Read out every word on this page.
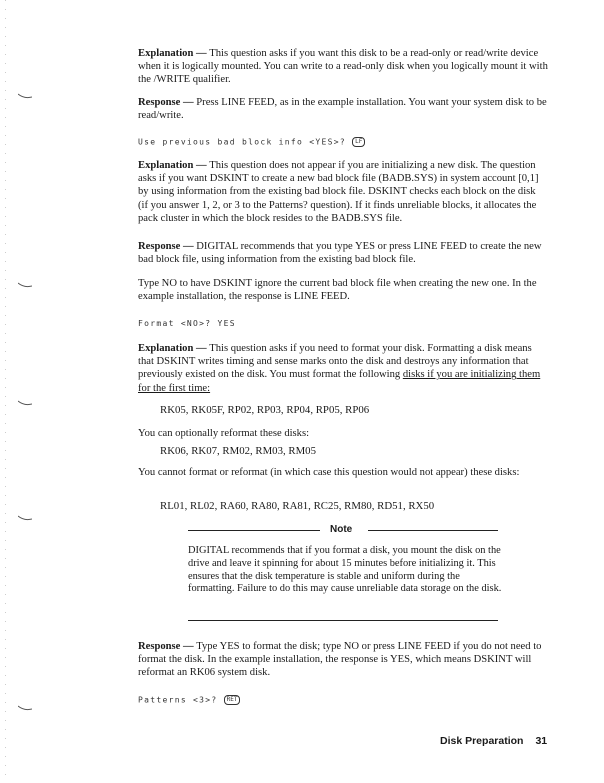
Explanation — This question asks if you want this disk to be a read-only or read/write device when it is logically mounted. You can write to a read-only disk when you logically mount it with the /WRITE qualifier.

Response — Press LINE FEED, as in the example installation. You want your system disk to be read/write.

Use previous bad block info <YES>? LF

Explanation — This question does not appear if you are initializing a new disk. The question asks if you want DSKINT to create a new bad block file (BADB.SYS) in system account [0,1] by using information from the existing bad block file. DSKINT checks each block on the disk (if you answer 1, 2, or 3 to the Patterns? question). If it finds unreliable blocks, it allocates the pack cluster in which the block resides to the BADB.SYS file.

Response — DIGITAL recommends that you type YES or press LINE FEED to create the new bad block file, using information from the existing bad block file.

Type NO to have DSKINT ignore the current bad block file when creating the new one. In the example installation, the response is LINE FEED.

Format <NO>? YES

Explanation — This question asks if you need to format your disk. Formatting a disk means that DSKINT writes timing and sense marks onto the disk and destroys any information that previously existed on the disk. You must format the following disks if you are initializing them for the first time:

RK05, RK05F, RP02, RP03, RP04, RP05, RP06

You can optionally reformat these disks:

RK06, RK07, RM02, RM03, RM05

You cannot format or reformat (in which case this question would not appear) these disks:

RL01, RL02, RA60, RA80, RA81, RC25, RM80, RD51, RX50

Note

DIGITAL recommends that if you format a disk, you mount the disk on the drive and leave it spinning for about 15 minutes before initializing it. This ensures that the disk temperature is stable and uniform during the formatting. Failure to do this may cause unreliable data storage on the disk.

Response — Type YES to format the disk; type NO or press LINE FEED if you do not need to format the disk. In the example installation, the response is YES, which means DSKINT will reformat an RK06 system disk.

Patterns <3>? RET

Disk Preparation 31
